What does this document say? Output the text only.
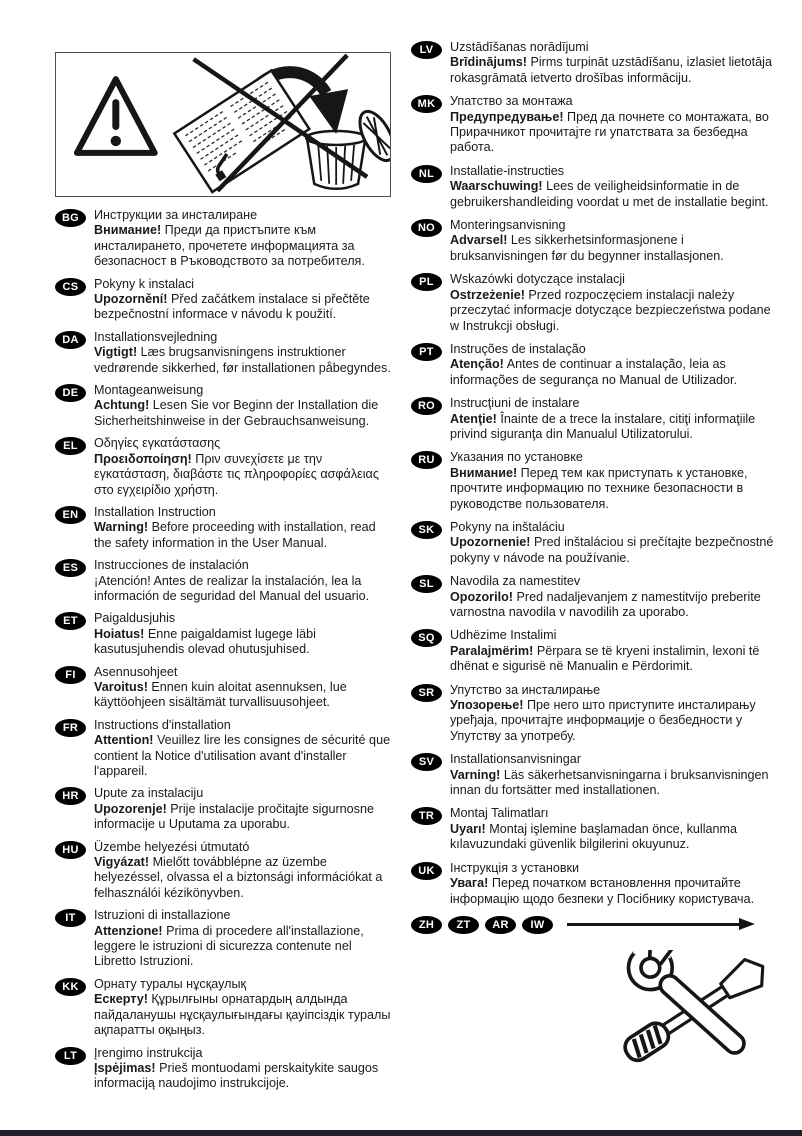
BG	Инструкции за инсталиране
Внимание! Преди да пристъпите към инсталирането, прочетете информацията за безопасност в Ръководството за потребителя.
CS	Pokyny k instalaci
Upozornění! Před začátkem instalace si přečtěte bezpečnostní informace v návodu k použití.
DA	Installationsvejledning
Vigtigt! Læs brugsanvisningens instruktioner vedrørende sikkerhed, før installationen påbegyndes.
DE	Montageanweisung
Achtung! Lesen Sie vor Beginn der Installation die Sicherheitshinweise in der Gebrauchsanweisung.
EL	Οδηγίες εγκατάστασης
Προειδοποίηση! Πριν συνεχίσετε με την εγκατάσταση, διαβάστε τις πληροφορίες ασφάλειας στο εγχειρίδιο χρήστη.
EN	Installation Instruction
Warning! Before proceeding with installation, read the safety information in the User Manual.
ES	Instrucciones de instalación
¡Atención! Antes de realizar la instalación, lea la información de seguridad del Manual del usuario.
ET	Paigaldusjuhis
Hoiatus! Enne paigaldamist lugege läbi kasutusjuhendis olevad ohutusjuhised.
FI	Asennusohjeet
Varoitus! Ennen kuin aloitat asennuksen, lue käyttöohjeen sisältämät turvallisuusohjeet.
FR	Instructions d'installation
Attention! Veuillez lire les consignes de sécurité que contient la Notice d'utilisation avant d'installer l'appareil.
HR	Upute za instalaciju
Upozorenje! Prije instalacije pročitajte sigurnosne informacije u Uputama za uporabu.
HU	Üzembe helyezési útmutató
Vigyázat! Mielőtt továbblépne az üzembe helyezéssel, olvassa el a biztonsági információkat a felhasználói kézikönyvben.
IT	Istruzioni di installazione
Attenzione! Prima di procedere all'installazione, leggere le istruzioni di sicurezza contenute nel Libretto Istruzioni.
KK	Орнату туралы нұсқаулық
Ескерту! Құрылғыны орнатардың алдында пайдаланушы нұсқаулығындағы қауіпсіздік туралы ақпаратты оқыңыз.
LT	Įrengimo instrukcija
Įspėjimas! Prieš montuodami perskaitykite saugos informaciją naudojimo instrukcijoje.
LV	Uzstādīšanas norādījumi
Brīdinājums! Pirms turpināt uzstādīšanu, izlasiet lietotāja rokasgrāmatā ietverto drošības informāciju.
MK	Упатство за монтажа
Предупредување! Пред да почнете со монтажата, во Прирачникот прочитајте ги упатствата за безбедна работа.
NL	Installatie-instructies
Waarschuwing! Lees de veiligheidsinformatie in de gebruikershandleiding voordat u met de installatie begint.
NO	Monteringsanvisning
Advarsel! Les sikkerhetsinformasjonene i bruksanvisningen før du begynner installasjonen.
PL	Wskazówki dotyczące instalacji
Ostrzeżenie! Przed rozpoczęciem instalacji należy przeczytać informacje dotyczące bezpieczeństwa podane w Instrukcji obsługi.
PT	Instruções de instalação
Atenção! Antes de continuar a instalação, leia as informações de segurança no Manual de Utilizador.
RO	Instrucţiuni de instalare
Atenţie! Înainte de a trece la instalare, citiţi informaţiile privind siguranţa din Manualul Utilizatorului.
RU	Указания по установке
Внимание! Перед тем как приступать к установке, прочтите информацию по технике безопасности в руководстве пользователя.
SK	Pokyny na inštaláciu
Upozornenie! Pred inštaláciou si prečítajte bezpečnostné pokyny v návode na používanie.
SL	Navodila za namestitev
Opozorilo! Pred nadaljevanjem z namestitvijo preberite varnostna navodila v navodilih za uporabo.
SQ	Udhëzime Instalimi
Paralajmërim! Përpara se të kryeni instalimin, lexoni të dhënat e sigurisë në Manualin e Përdorimit.
SR	Упутство за инсталирање
Упозорење! Пре него што приступите инсталирању уређаја, прочитајте информације о безбедности у Упутству за употребу.
SV	Installationsanvisningar
Varning! Läs säkerhetsanvisningarna i bruksanvisningen innan du fortsätter med installationen.
TR	Montaj Talimatları
Uyarı! Montaj işlemine başlamadan önce, kullanma kılavuzundaki güvenlik bilgilerini okuyunuz.
UK	Інструкція з установки
Увага! Перед початком встановлення прочитайте інформацію щодо безпеки у Посібнику користувача.
ZH	ZT	AR	IW
